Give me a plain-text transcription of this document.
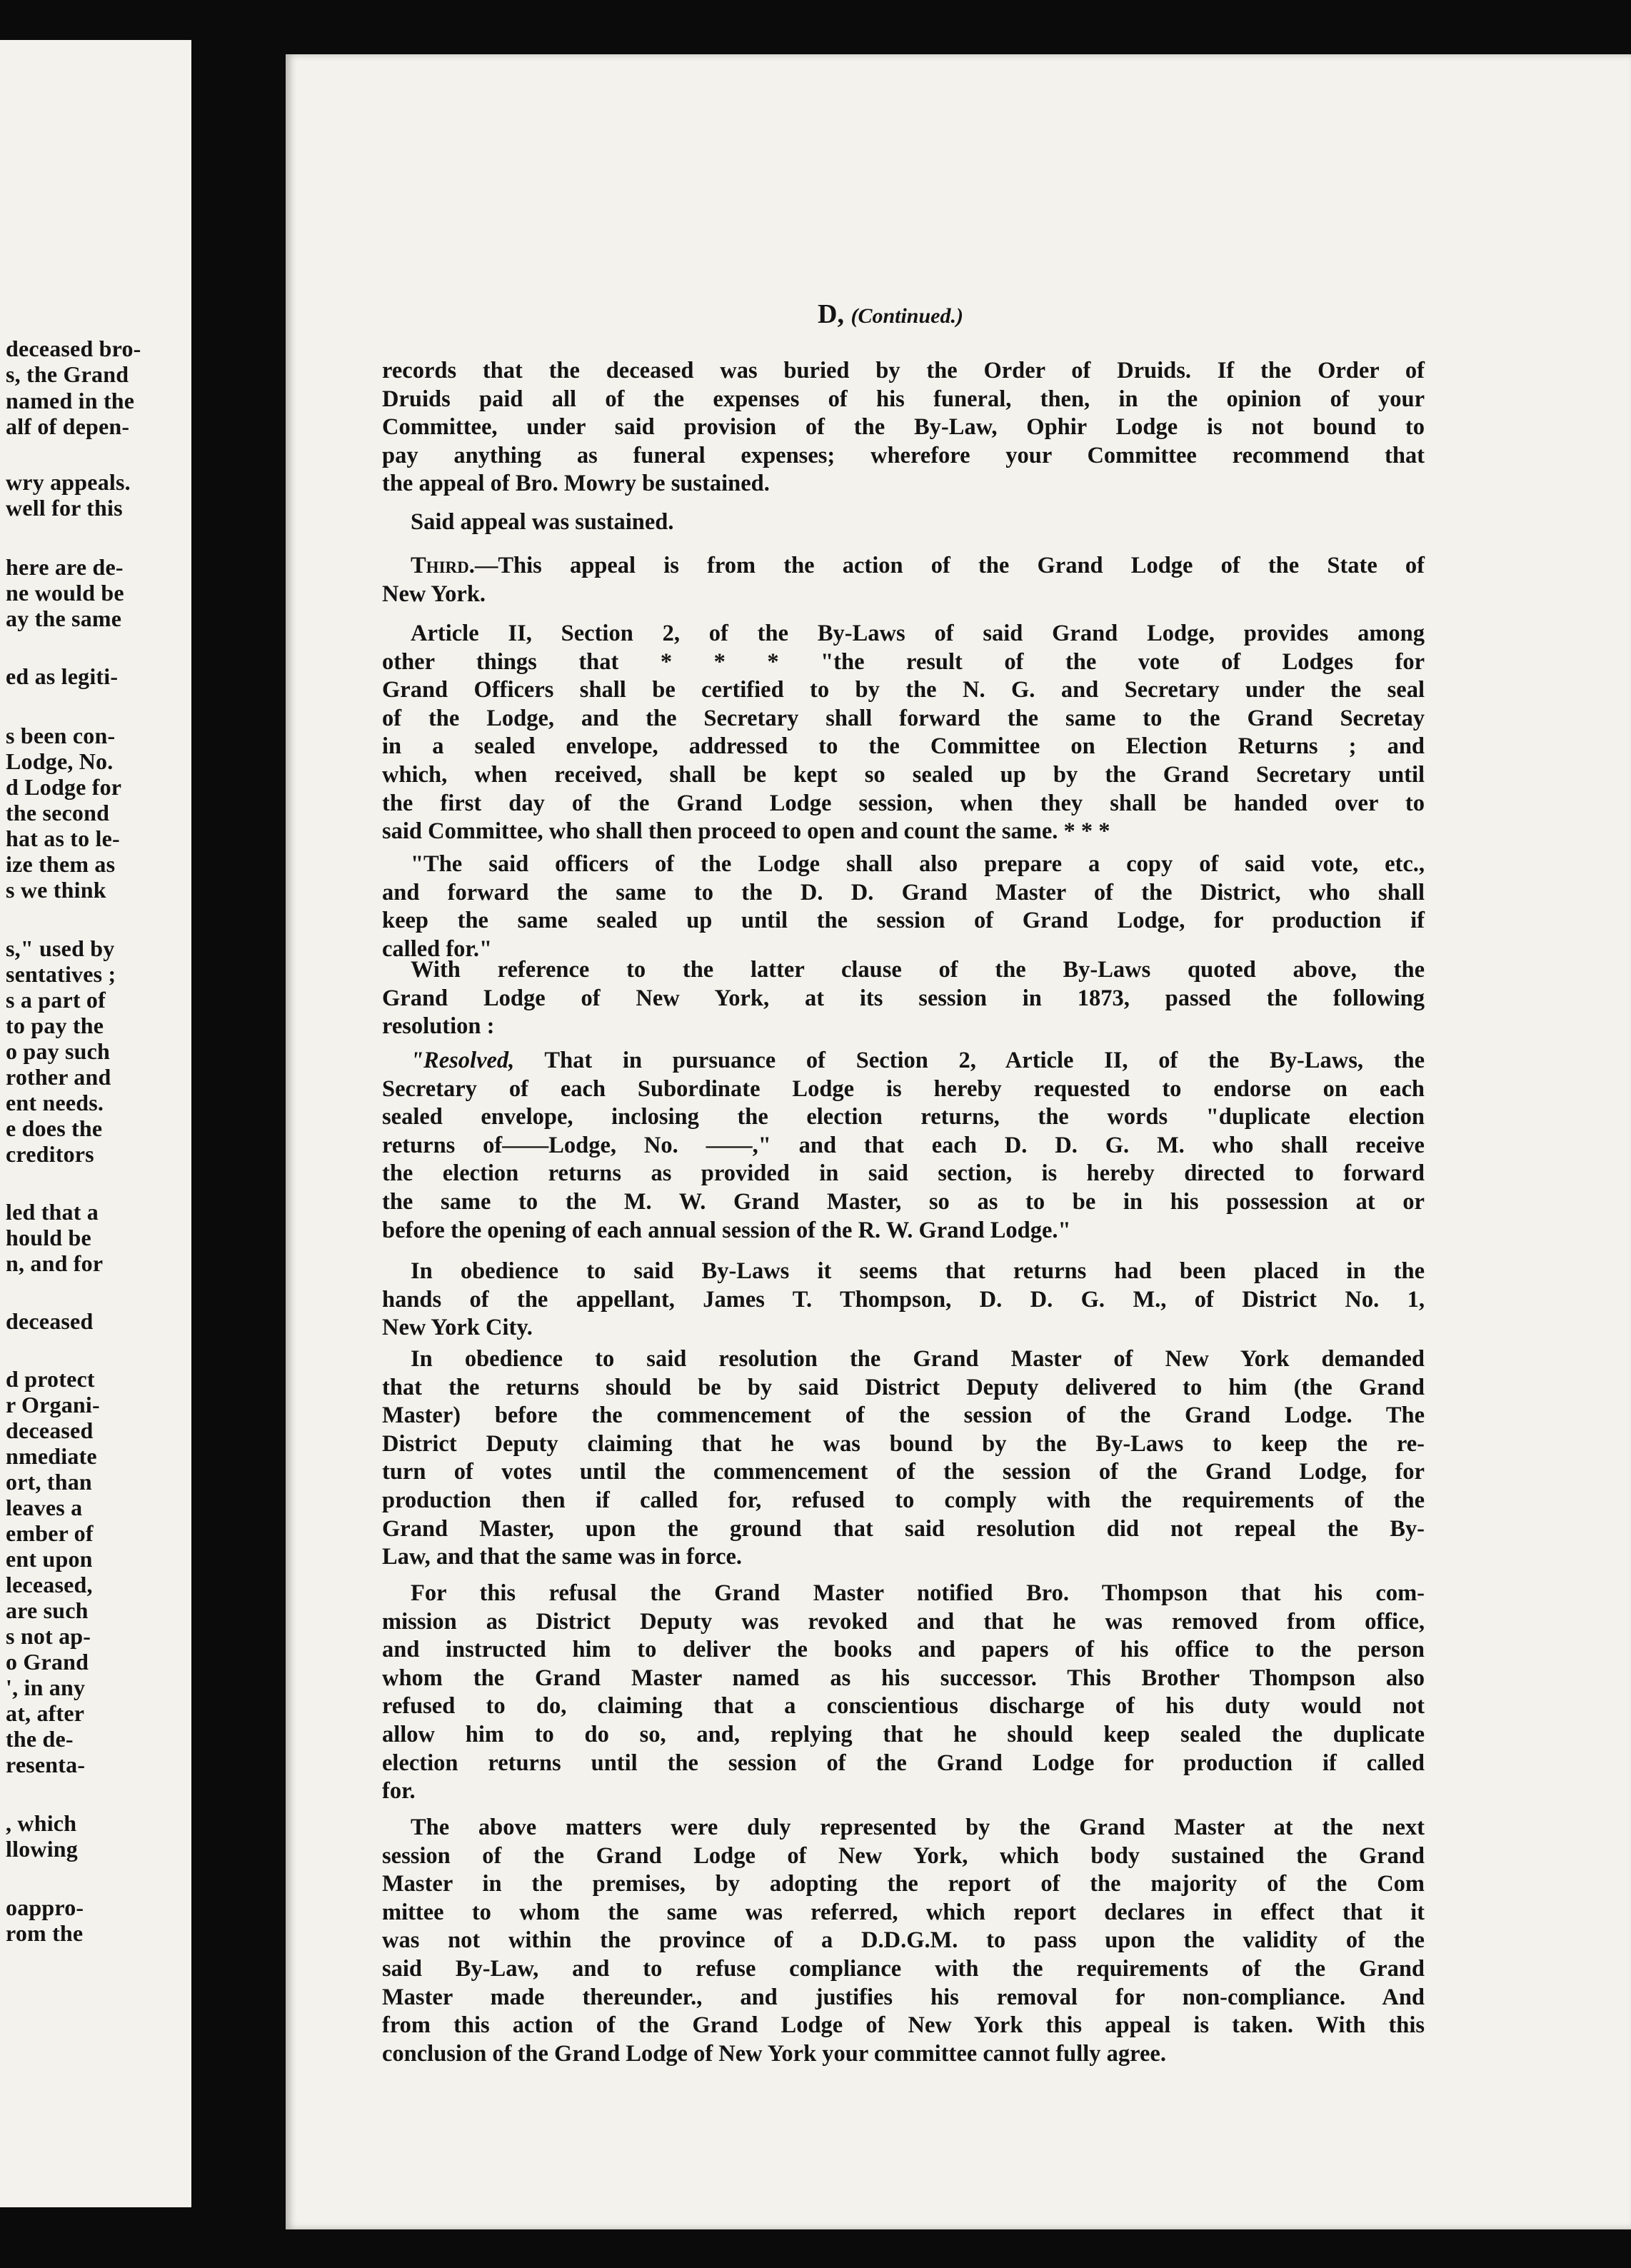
deceased bro-
s, the Grand
named in the
alf of depen-
wry appeals.
well for this
here are de-
ne would be
ay the same
ed as legiti-
s been con-
Lodge, No.
d Lodge for
the second
hat as to le-
ize them as
s we think
s," used by
sentatives ;
s a part of
to pay the
o pay such
rother and
ent needs.
e does the
creditors
led that a
hould be
n, and for
deceased
d protect
r Organi-
deceased
nmediate
ort, than
leaves a
ember of
ent upon
leceased,
are such
s not ap-
o Grand
', in any
at, after
the de-
resenta-
, which
llowing
oappro-
rom the
D, (Continued.)
records that the deceased was buried by the Order of Druids. If the Order of
Druids paid all of the expenses of his funeral, then, in the opinion of your
Committee, under said provision of the By-Law, Ophir Lodge is not bound to
pay anything as funeral expenses; wherefore your Committee recommend that
the appeal of Bro. Mowry be sustained.
Said appeal was sustained.
Third.—This appeal is from the action of the Grand Lodge of the State of
New York.
Article II, Section 2, of the By-Laws of said Grand Lodge, provides among
other things that * * * "the result of the vote of Lodges for
Grand Officers shall be certified to by the N. G. and Secretary under the seal
of the Lodge, and the Secretary shall forward the same to the Grand Secretay
in a sealed envelope, addressed to the Committee on Election Returns ; and
which, when received, shall be kept so sealed up by the Grand Secretary until
the first day of the Grand Lodge session, when they shall be handed over to
said Committee, who shall then proceed to open and count the same. * * *
"The said officers of the Lodge shall also prepare a copy of said vote, etc.,
and forward the same to the D. D. Grand Master of the District, who shall
keep the same sealed up until the session of Grand Lodge, for production if
called for."
With reference to the latter clause of the By-Laws quoted above, the
Grand Lodge of New York, at its session in 1873, passed the following
resolution :
"Resolved, That in pursuance of Section 2, Article II, of the By-Laws, the
Secretary of each Subordinate Lodge is hereby requested to endorse on each
sealed envelope, inclosing the election returns, the words "duplicate election
returns of——Lodge, No. ——," and that each D. D. G. M. who shall receive
the election returns as provided in said section, is hereby directed to forward
the same to the M. W. Grand Master, so as to be in his possession at or
before the opening of each annual session of the R. W. Grand Lodge."
In obedience to said By-Laws it seems that returns had been placed in the
hands of the appellant, James T. Thompson, D. D. G. M., of District No. 1,
New York City.
In obedience to said resolution the Grand Master of New York demanded
that the returns should be by said District Deputy delivered to him (the Grand
Master) before the commencement of the session of the Grand Lodge. The
District Deputy claiming that he was bound by the By-Laws to keep the re-
turn of votes until the commencement of the session of the Grand Lodge, for
production then if called for, refused to comply with the requirements of the
Grand Master, upon the ground that said resolution did not repeal the By-
Law, and that the same was in force.
For this refusal the Grand Master notified Bro. Thompson that his com-
mission as District Deputy was revoked and that he was removed from office,
and instructed him to deliver the books and papers of his office to the person
whom the Grand Master named as his successor. This Brother Thompson also
refused to do, claiming that a conscientious discharge of his duty would not
allow him to do so, and, replying that he should keep sealed the duplicate
election returns until the session of the Grand Lodge for production if called
for.
The above matters were duly represented by the Grand Master at the next
session of the Grand Lodge of New York, which body sustained the Grand
Master in the premises, by adopting the report of the majority of the Com
mittee to whom the same was referred, which report declares in effect that it
was not within the province of a D.D.G.M. to pass upon the validity of the
said By-Law, and to refuse compliance with the requirements of the Grand
Master made thereunder., and justifies his removal for non-compliance. And
from this action of the Grand Lodge of New York this appeal is taken. With this
conclusion of the Grand Lodge of New York your committee cannot fully agree.
